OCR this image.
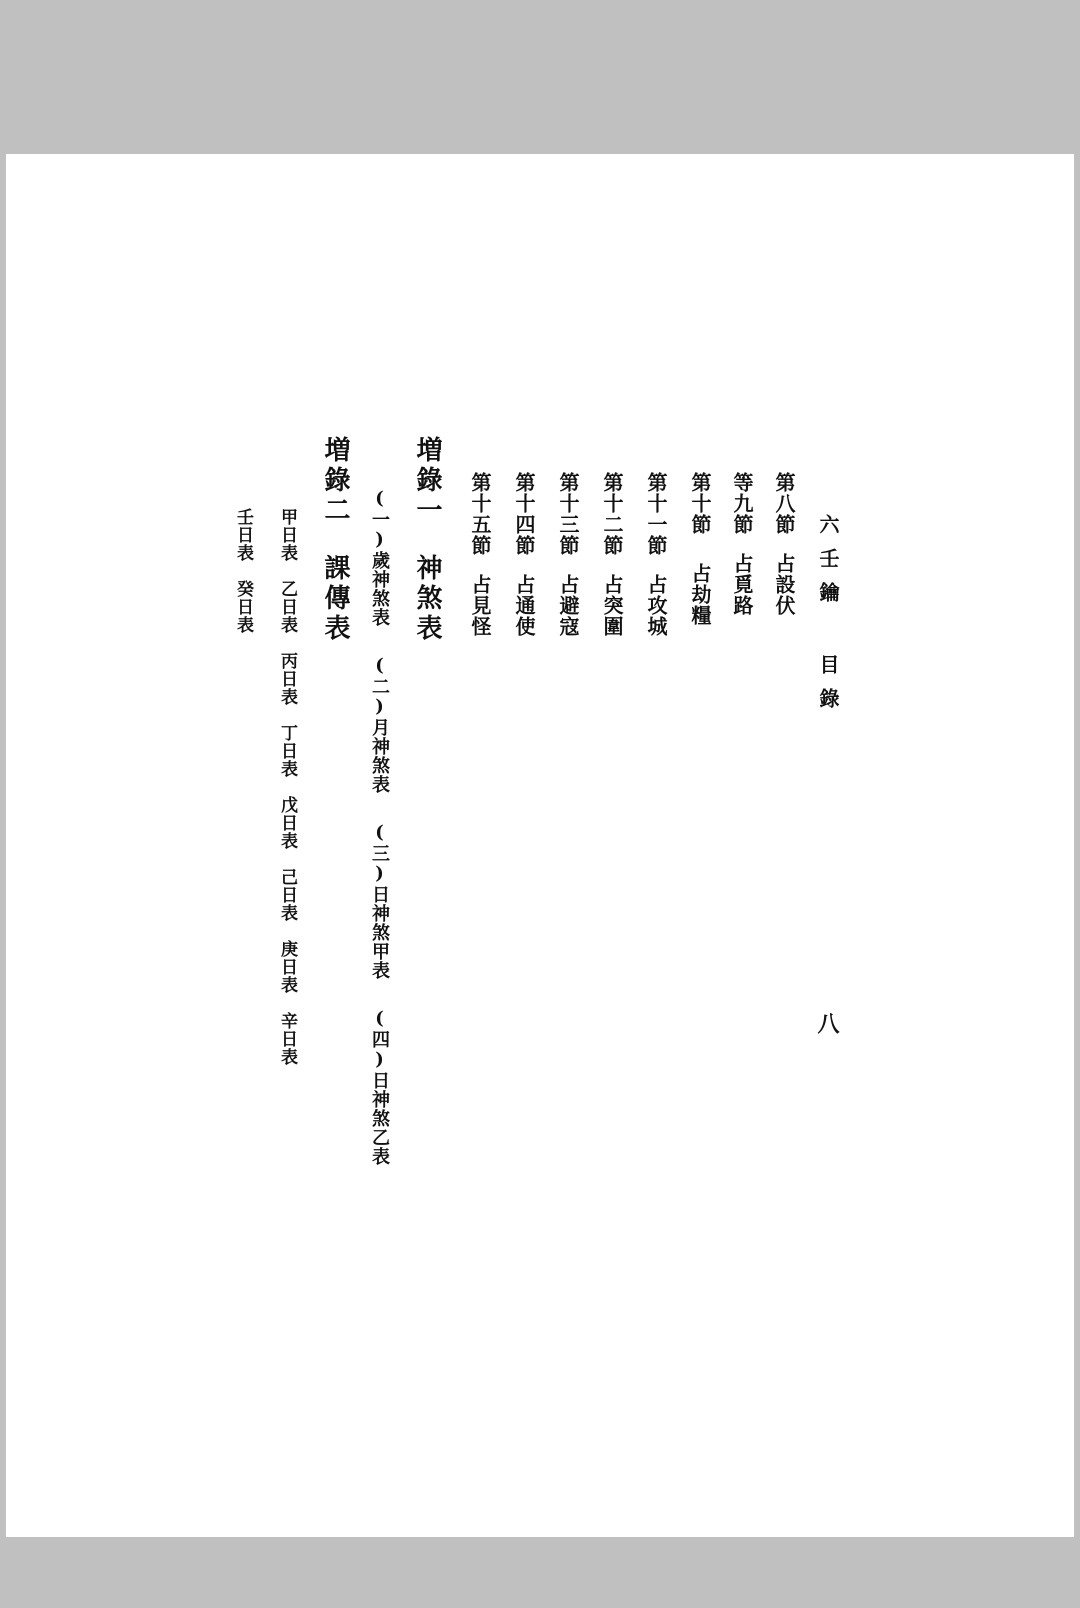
六壬鑰 目錄
八
第八節占設伏
等九節占覓路
第十節占劫糧
第十一節占攻城
第十二節占突圍
第十三節占避寇
第十四節占通使
第十五節占見怪
増錄一神煞表
(一)歲神煞表(二)月神煞表(三)日神煞甲表(四)日神煞乙表
増錄二課傳表
甲日表乙日表丙日表丁日表戊日表己日表庚日表辛日表
壬日表癸日表
